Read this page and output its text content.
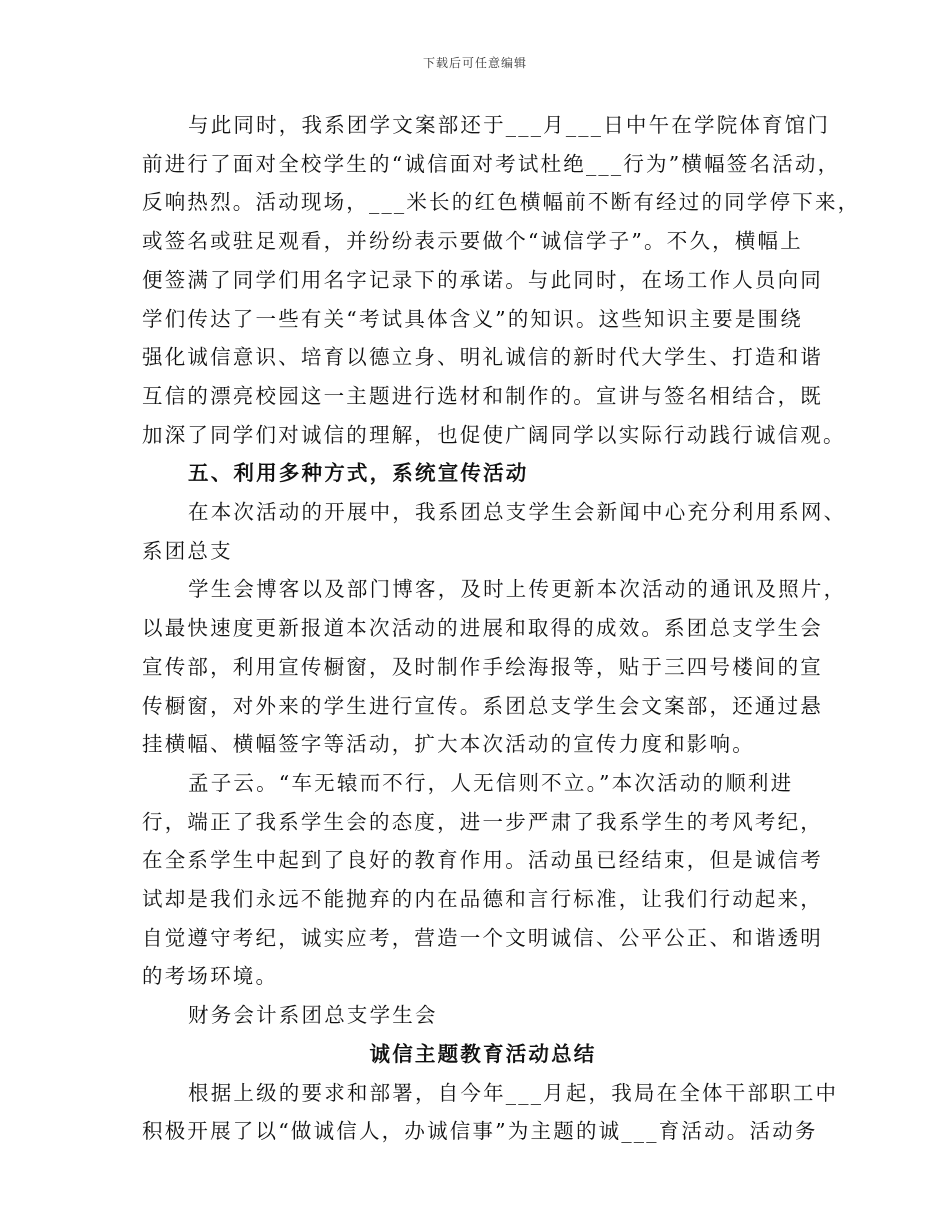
下载后可任意编辑
与此同时，我系团学文案部还于___月___日中午在学院体育馆门
前进行了面对全校学生的“诚信面对考试杜绝___行为”横幅签名活动，
反响热烈。活动现场，___米长的红色横幅前不断有经过的同学停下来，
或签名或驻足观看，并纷纷表示要做个“诚信学子”。不久，横幅上
便签满了同学们用名字记录下的承诺。与此同时，在场工作人员向同
学们传达了一些有关“考试具体含义”的知识。这些知识主要是围绕
强化诚信意识、培育以德立身、明礼诚信的新时代大学生、打造和谐
互信的漂亮校园这一主题进行选材和制作的。宣讲与签名相结合，既
加深了同学们对诚信的理解，也促使广阔同学以实际行动践行诚信观。
五、利用多种方式，系统宣传活动
在本次活动的开展中，我系团总支学生会新闻中心充分利用系网、
系团总支
学生会博客以及部门博客，及时上传更新本次活动的通讯及照片，
以最快速度更新报道本次活动的进展和取得的成效。系团总支学生会
宣传部，利用宣传橱窗，及时制作手绘海报等，贴于三四号楼间的宣
传橱窗，对外来的学生进行宣传。系团总支学生会文案部，还通过悬
挂横幅、横幅签字等活动，扩大本次活动的宣传力度和影响。
孟子云。“车无辕而不行，人无信则不立。”本次活动的顺利进
行，端正了我系学生会的态度，进一步严肃了我系学生的考风考纪，
在全系学生中起到了良好的教育作用。活动虽已经结束，但是诚信考
试却是我们永远不能抛弃的内在品德和言行标准，让我们行动起来，
自觉遵守考纪，诚实应考，营造一个文明诚信、公平公正、和谐透明
的考场环境。
财务会计系团总支学生会
诚信主题教育活动总结
根据上级的要求和部署，自今年___月起，我局在全体干部职工中
积极开展了以“做诚信人，办诚信事”为主题的诚___育活动。活动务
